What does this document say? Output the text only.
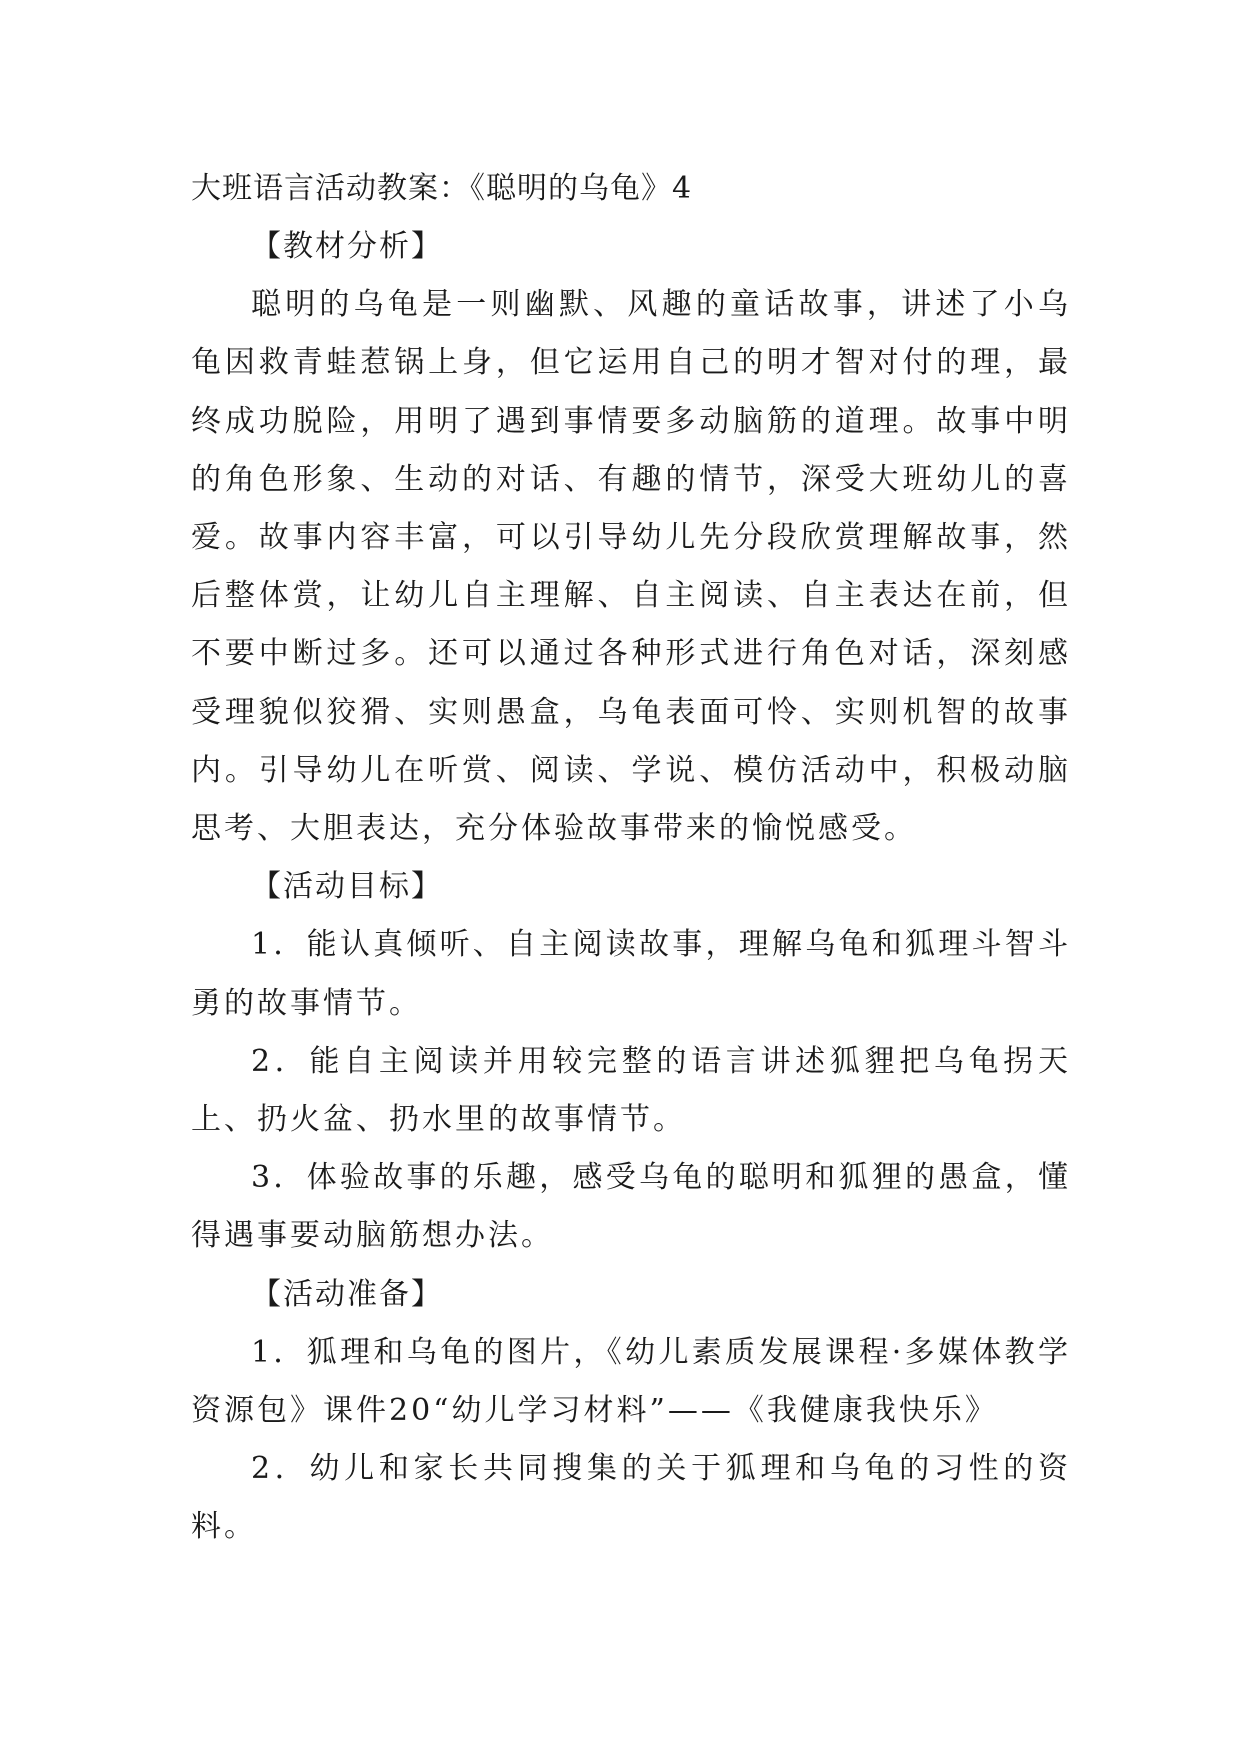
大班语言活动教案：《聪明的乌龟》4

【教材分析】

聪明的乌龟是一则幽默、风趣的童话故事，讲述了小乌龟因救青蛙惹锅上身，但它运用自己的明才智对付的理，最终成功脱险，用明了遇到事情要多动脑筋的道理。故事中明的角色形象、生动的对话、有趣的情节，深受大班幼儿的喜爱。故事内容丰富，可以引导幼儿先分段欣赏理解故事，然后整体赏，让幼儿自主理解、自主阅读、自主表达在前，但不要中断过多。还可以通过各种形式进行角色对话，深刻感受理貌似狡猾、实则愚盒，乌龟表面可怜、实则机智的故事内。引导幼儿在听赏、阅读、学说、模仿活动中，积极动脑思考、大胆表达，充分体验故事带来的愉悦感受。

【活动目标】

1．能认真倾听、自主阅读故事，理解乌龟和狐理斗智斗勇的故事情节。

2．能自主阅读并用较完整的语言讲述狐貍把乌龟拐天上、扔火盆、扔水里的故事情节。

3．体验故事的乐趣，感受乌龟的聪明和狐狸的愚盒，懂得遇事要动脑筋想办法。

【活动准备】

1．狐理和乌龟的图片，《幼儿素质发展课程·多媒体教学资源包》课件20“幼儿学习材料”——《我健康我快乐》

2．幼儿和家长共同搜集的关于狐理和乌龟的习性的资料。
